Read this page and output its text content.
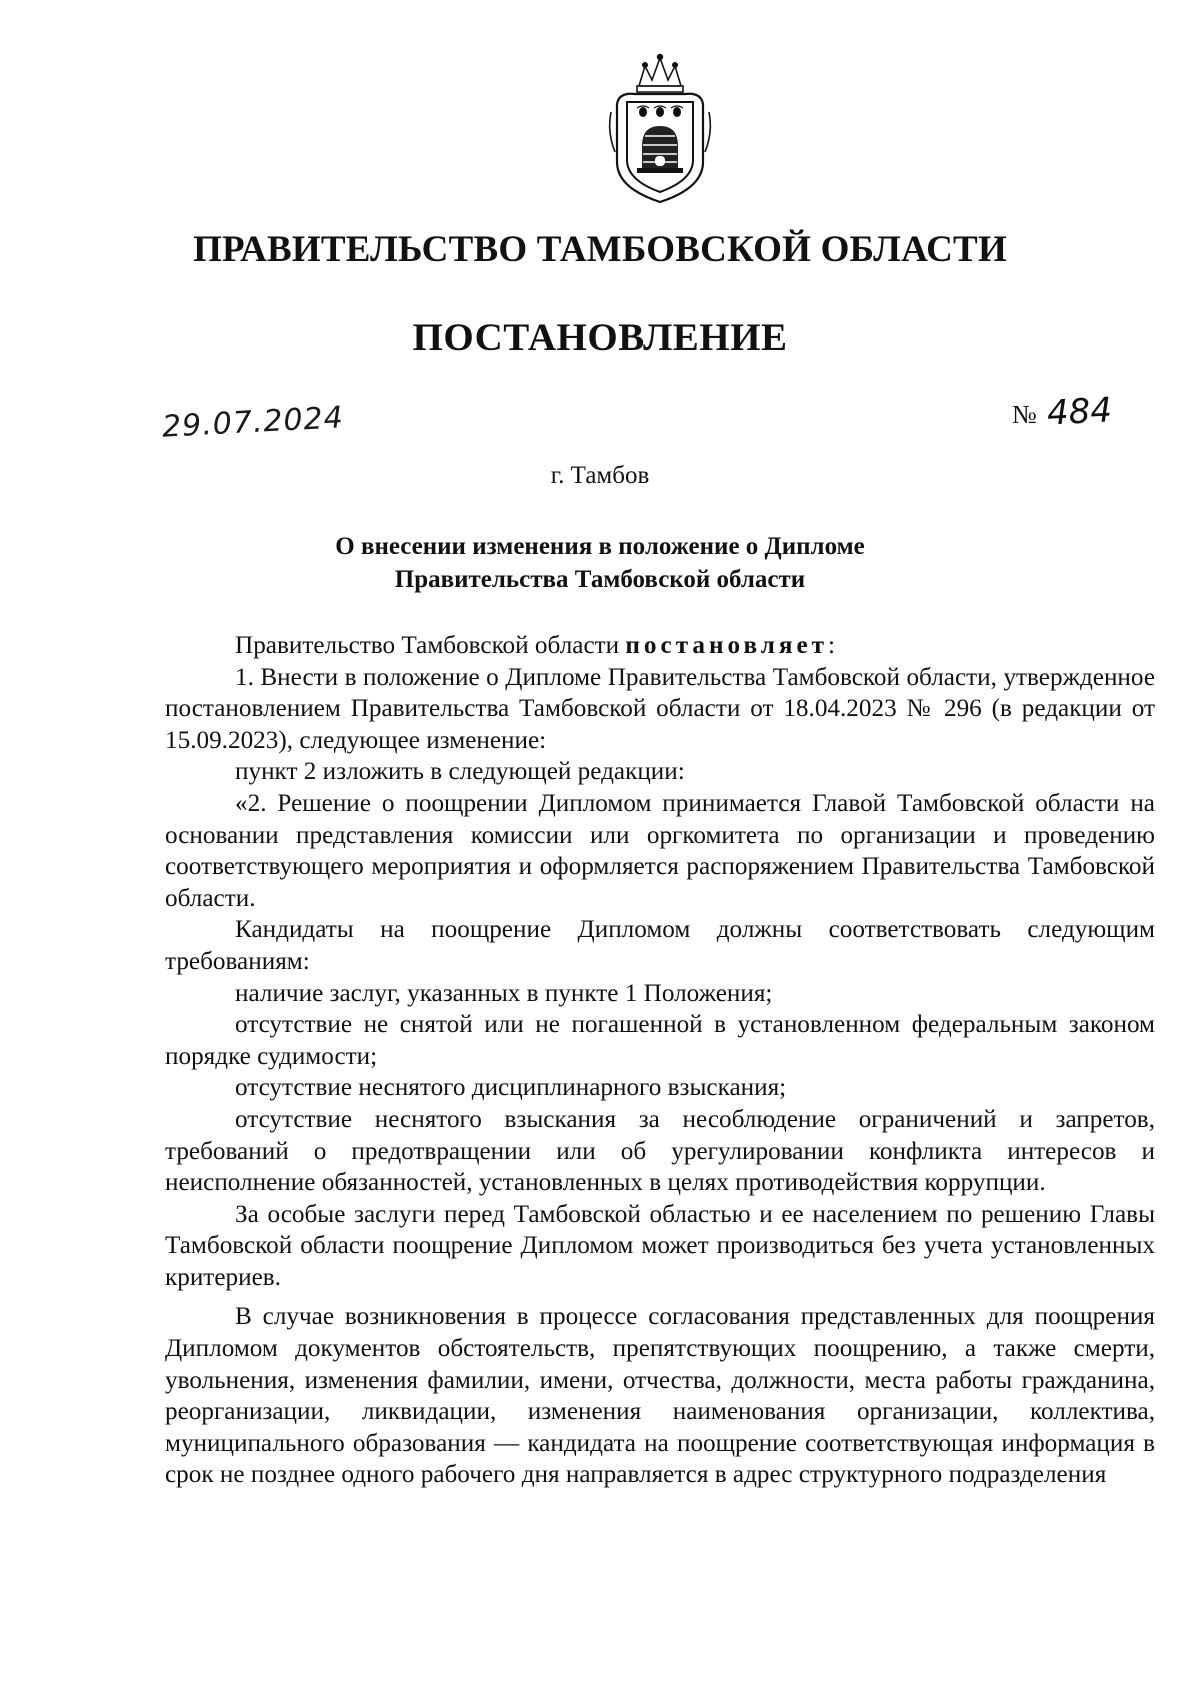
ПРАВИТЕЛЬСТВО ТАМБОВСКОЙ ОБЛАСТИ
ПОСТАНОВЛЕНИЕ
29.07.2024	№ 484
г. Тамбов
О внесении изменения в положение о Дипломе
Правительства Тамбовской области

Правительство Тамбовской области постановляет:

1. Внести в положение о Дипломе Правительства Тамбовской области, утвержденное постановлением Правительства Тамбовской области от 18.04.2023 № 296 (в редакции от 15.09.2023), следующее изменение:

пункт 2 изложить в следующей редакции:

«2. Решение о поощрении Дипломом принимается Главой Тамбовской области на основании представления комиссии или оргкомитета по организации и проведению соответствующего мероприятия и оформляется распоряжением Правительства Тамбовской области.

Кандидаты на поощрение Дипломом должны соответствовать следующим требованиям:

наличие заслуг, указанных в пункте 1 Положения;

отсутствие не снятой или не погашенной в установленном федеральным законом порядке судимости;

отсутствие неснятого дисциплинарного взыскания;

отсутствие неснятого взыскания за несоблюдение ограничений и запретов, требований о предотвращении или об урегулировании конфликта интересов и неисполнение обязанностей, установленных в целях противодействия коррупции.

За особые заслуги перед Тамбовской областью и ее населением по решению Главы Тамбовской области поощрение Дипломом может производиться без учета установленных критериев.

В случае возникновения в процессе согласования представленных для поощрения Дипломом документов обстоятельств, препятствующих поощрению, а также смерти, увольнения, изменения фамилии, имени, отчества, должности, места работы гражданина, реорганизации, ликвидации, изменения наименования организации, коллектива, муниципального образования — кандидата на поощрение соответствующая информация в срок не позднее одного рабочего дня направляется в адрес структурного подразделения
